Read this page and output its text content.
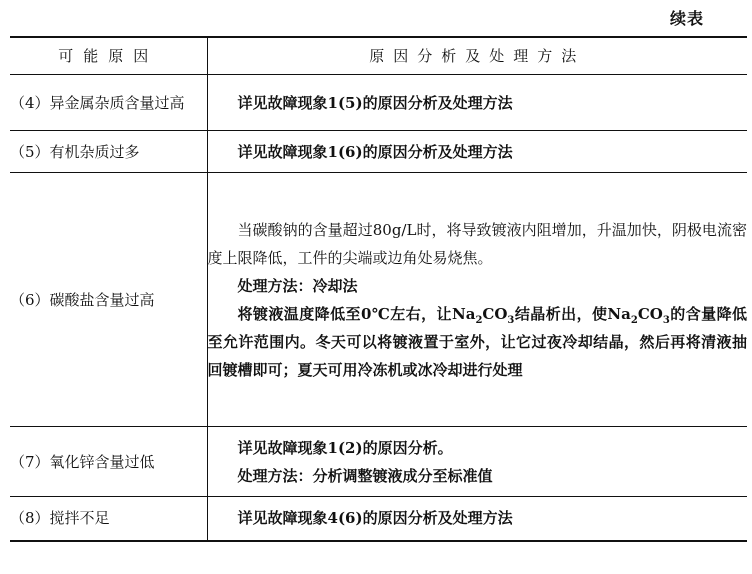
续表
可能原因	原因分析及处理方法
（4）异金属杂质含量过高	详见故障现象1(5)的原因分析及处理方法

（5）有机杂质过多	详见故障现象1(6)的原因分析及处理方法

（6）碳酸盐含量过高	当碳酸钠的含量超过80g/L时，将导致镀液内阻增加，升温加快，阴极电流密度上限降低，工件的尖端或边角处易烧焦。

处理方法：冷却法

将镀液温度降低至0℃左右，让$Na_2CO_3$结晶析出，使$Na_2CO_3$的含量降低至允许范围内。冬天可以将镀液置于室外，让它过夜冷却结晶，然后再将清液抽回镀槽即可；夏天可用冷冻机或冰冷却进行处理

（7）氧化锌含量过低	详见故障现象1(2)的原因分析。

处理方法：分析调整镀液成分至标准值

（8）搅拌不足	详见故障现象4(6)的原因分析及处理方法
